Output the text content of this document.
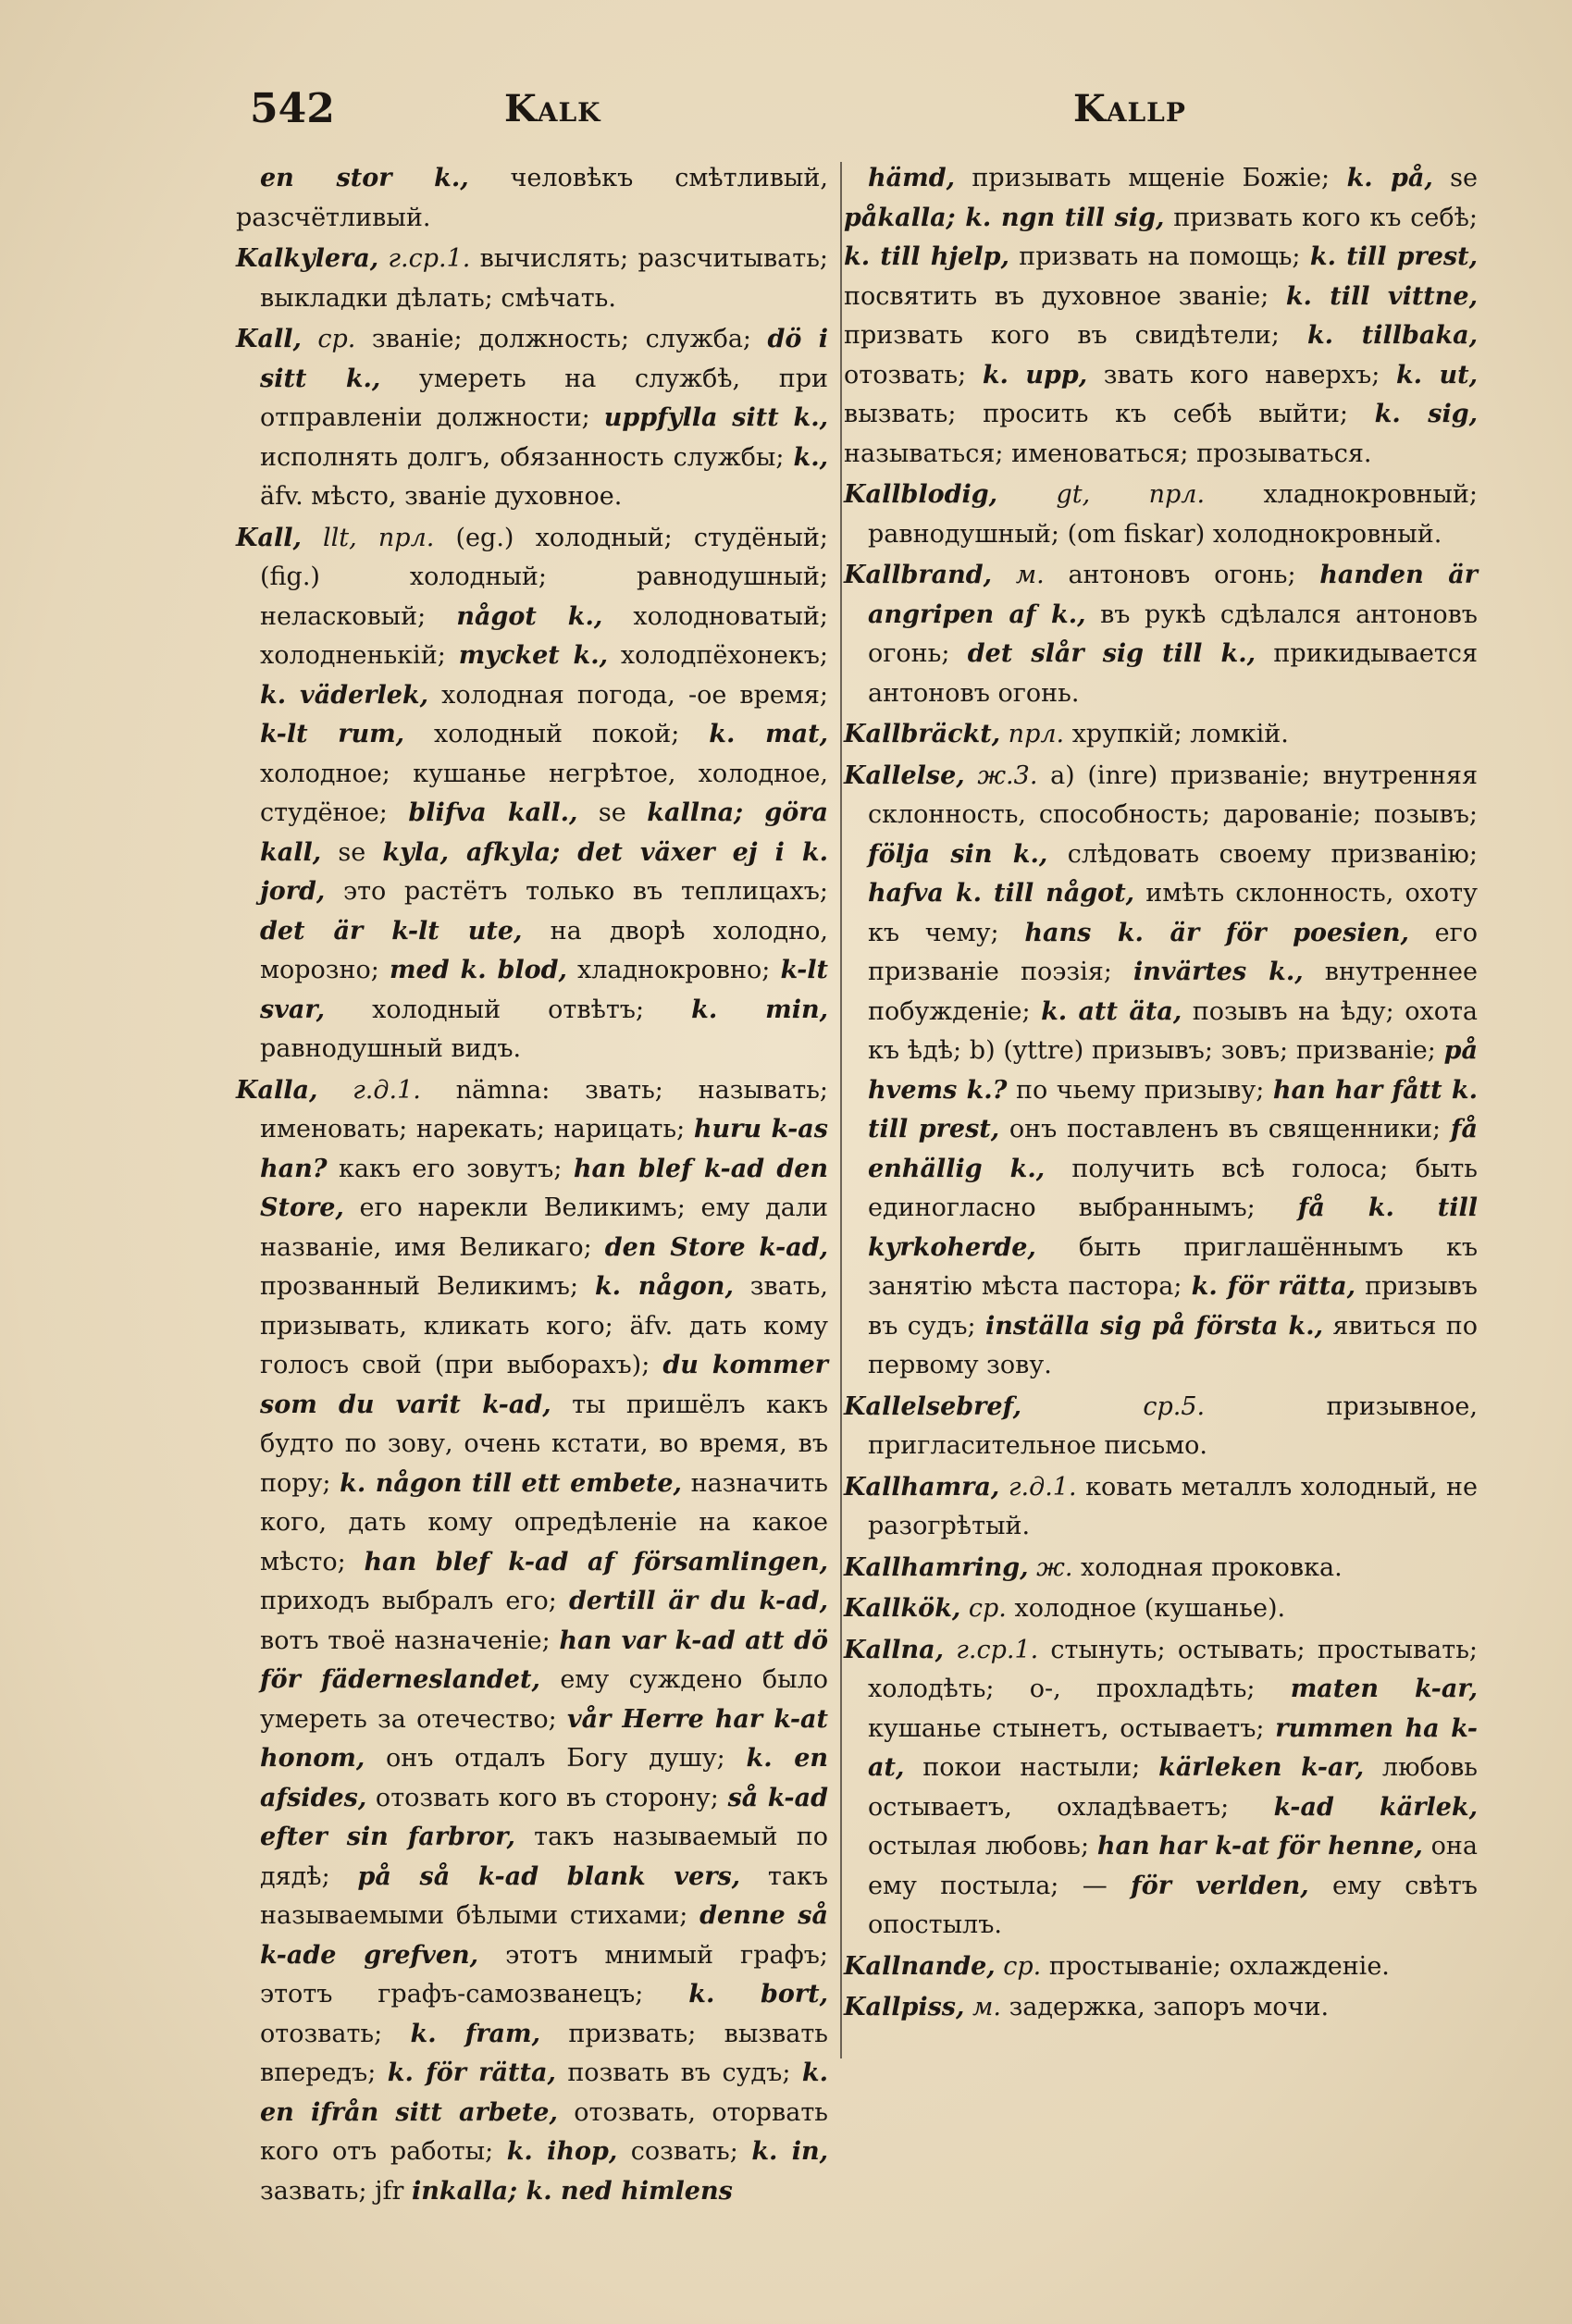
542	Kalk	Kallp
en stor k., человѣкъ смѣтливый, разсчётливый.
Kalkylera, г.ср.1. вычислять; разсчитывать; выкладки дѣлать; смѣчать.
Kall, ср. званіе; должность; служба; dö i sitt k., умереть на службѣ, при отправленіи должности; uppfylla sitt k., исполнять долгъ, обязанность службы; k., äfv. мѣсто, званіе духовное.
Kall, llt, прл. (eg.) холодный; студёный; (fig.) холодный; равнодушный; неласковый; något k., холодноватый; холодненькій; mycket k., холодпёхонекъ; k. väderlek, холодная погода, -ое время; k-lt rum, холодный покой; k. mat, холодное; кушанье негрѣтое, холодное, студёное; blifva kall., se kallna; göra kall, se kyla, afkyla; det växer ej i k. jord, это растётъ только въ теплицахъ; det är k-lt ute, на дворѣ холодно, морозно; med k. blod, хладнокровно; k-lt svar, холодный отвѣтъ; k. min, равнодушный видъ.
Kalla, г.д.1. nämna: звать; называть; именовать; нарекать; нарицать; huru k-as han? какъ его зовутъ; han blef k-ad den Store, его нарекли Великимъ; ему дали названіе, имя Великаго; den Store k-ad, прозванный Великимъ; k. någon, звать, призывать, кликать кого; äfv. дать кому голосъ свой (при выборахъ); du kommer som du varit k-ad, ты пришёлъ какъ будто по зову, очень кстати, во время, въ пору; k. någon till ett embete, назначить кого, дать кому опредѣленіе на какое мѣсто; han blef k-ad af församlingen, приходъ выбралъ его; dertill är du k-ad, вотъ твоё назначеніе; han var k-ad att dö för fäderneslandet, ему суждено было умереть за отечество; vår Herre har k-at honom, онъ отдалъ Богу душу; k. en afsides, отозвать кого въ сторону; så k-ad efter sin farbror, такъ называемый по дядѣ; på så k-ad blank vers, такъ называемыми бѣлыми стихами; denne så k-ade grefven, этотъ мнимый графъ; этотъ графъ-самозванецъ; k. bort, отозвать; k. fram, призвать; вызвать впередъ; k. för rätta, позвать въ судъ; k. en ifrån sitt arbete, отозвать, оторвать кого отъ работы; k. ihop, созвать; k. in, зазвать; jfr inkalla; k. ned himlens
hämd, призывать мщеніе Божіе; k. på, se påkalla; k. ngn till sig, призвать кого къ себѣ; k. till hjelp, призвать на помощь; k. till prest, посвятить въ духовное званіе; k. till vittne, призвать кого въ свидѣтели; k. tillbaka, отозвать; k. upp, звать кого наверхъ; k. ut, вызвать; просить къ себѣ выйти; k. sig, называться; именоваться; прозываться.
Kallblodig, gt, прл. хладнокровный; равнодушный; (om fiskar) холоднокровный.
Kallbrand, м. антоновъ огонь; handen är angripen af k., въ рукѣ сдѣлался антоновъ огонь; det slår sig till k., прикидывается антоновъ огонь.
Kallbräckt, прл. хрупкій; ломкій.
Kallelse, ж.3. a) (inre) призваніе; внутренняя склонность, способность; дарованіе; позывъ; följa sin k., слѣдовать своему призванію; hafva k. till något, имѣть склонность, охоту къ чему; hans k. är för poesien, его призваніе поэзія; invärtes k., внутреннее побужденіе; k. att äta, позывъ на ѣду; охота къ ѣдѣ; b) (yttre) призывъ; зовъ; призваніе; på hvems k.? по чьему призыву; han har fått k. till prest, онъ поставленъ въ священники; få enhällig k., получить всѣ голоса; быть единогласно выбраннымъ; få k. till kyrkoherde, быть приглашённымъ къ занятію мѣста пастора; k. för rätta, призывъ въ судъ; inställa sig på första k., явиться по первому зову.
Kallelsebref, ср.5. призывное, пригласительное письмо.
Kallhamra, г.д.1. ковать металлъ холодный, не разогрѣтый.
Kallhamring, ж. холодная проковка.
Kallkök, ср. холодное (кушанье).
Kallna, г.ср.1. стынуть; остывать; простывать; холодѣть; о-, прохладѣть; maten k-ar, кушанье стынетъ, остываетъ; rummen ha k-at, покои настыли; kärleken k-ar, любовь остываетъ, охладѣваетъ; k-ad kärlek, остылая любовь; han har k-at för henne, она ему постыла; — för verlden, ему свѣтъ опостылъ.
Kallnande, ср. простываніе; охлажденіе.
Kallpiss, м. задержка, запоръ мочи.
